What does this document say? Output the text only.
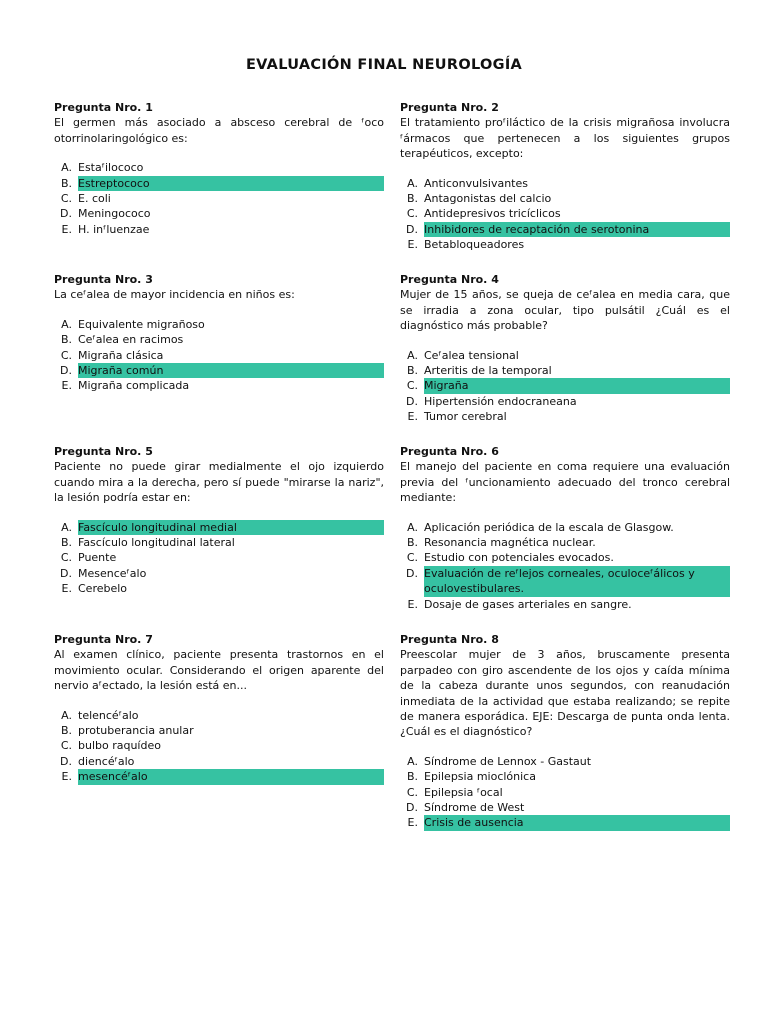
EVALUACIÓN FINAL NEUROLOGÍA
Pregunta Nro. 1
El germen más asociado a absceso cerebral de ᶠoco otorrinolaringológico es:
A. Estaᶠilococo
B. Estreptococo
C. E. coli
D. Meningococo
E. H. inᶠluenzae
Pregunta Nro. 2
El tratamiento proᶠiláctico de la crisis migrañosa involucra ᶠármacos que pertenecen a los siguientes grupos terapéuticos, excepto:
A. Anticonvulsivantes
B. Antagonistas del calcio
C. Antidepresivos tricíclicos
D. Inhibidores de recaptación de serotonina
E. Betabloqueadores
Pregunta Nro. 3
La ceᶠalea de mayor incidencia en niños es:
A. Equivalente migrañoso
B. Ceᶠalea en racimos
C. Migraña clásica
D. Migraña común
E. Migraña complicada
Pregunta Nro. 4
Mujer de 15 años, se queja de ceᶠalea en media cara, que se irradia a zona ocular, tipo pulsátil ¿Cuál es el diagnóstico más probable?
A. Ceᶠalea tensional
B. Arteritis de la temporal
C. Migraña
D. Hipertensión endocraneana
E. Tumor cerebral
Pregunta Nro. 5
Paciente no puede girar medialmente el ojo izquierdo cuando mira a la derecha, pero sí puede "mirarse la nariz", la lesión podría estar en:
A. Fascículo longitudinal medial
B. Fascículo longitudinal lateral
C. Puente
D. Mesenceᶠalo
E. Cerebelo
Pregunta Nro. 6
El manejo del paciente en coma requiere una evaluación previa del ᶠuncionamiento adecuado del tronco cerebral mediante:
A. Aplicación periódica de la escala de Glasgow.
B. Resonancia magnética nuclear.
C. Estudio con potenciales evocados.
D. Evaluación de reᶠlejos corneales, oculoceᶠálicos y oculovestibulares.
E. Dosaje de gases arteriales en sangre.
Pregunta Nro. 7
Al examen clínico, paciente presenta trastornos en el movimiento ocular. Considerando el origen aparente del nervio aᶠectado, la lesión está en...
A. telencéᶠalo
B. protuberancia anular
C. bulbo raquídeo
D. diencéᶠalo
E. mesencéᶠalo
Pregunta Nro. 8
Preescolar mujer de 3 años, bruscamente presenta parpadeo con giro ascendente de los ojos y caída mínima de la cabeza durante unos segundos, con reanudación inmediata de la actividad que estaba realizando; se repite de manera esporádica. EJE: Descarga de punta onda lenta. ¿Cuál es el diagnóstico?
A. Síndrome de Lennox - Gastaut
B. Epilepsia mioclónica
C. Epilepsia ᶠocal
D. Síndrome de West
E. Crisis de ausencia
